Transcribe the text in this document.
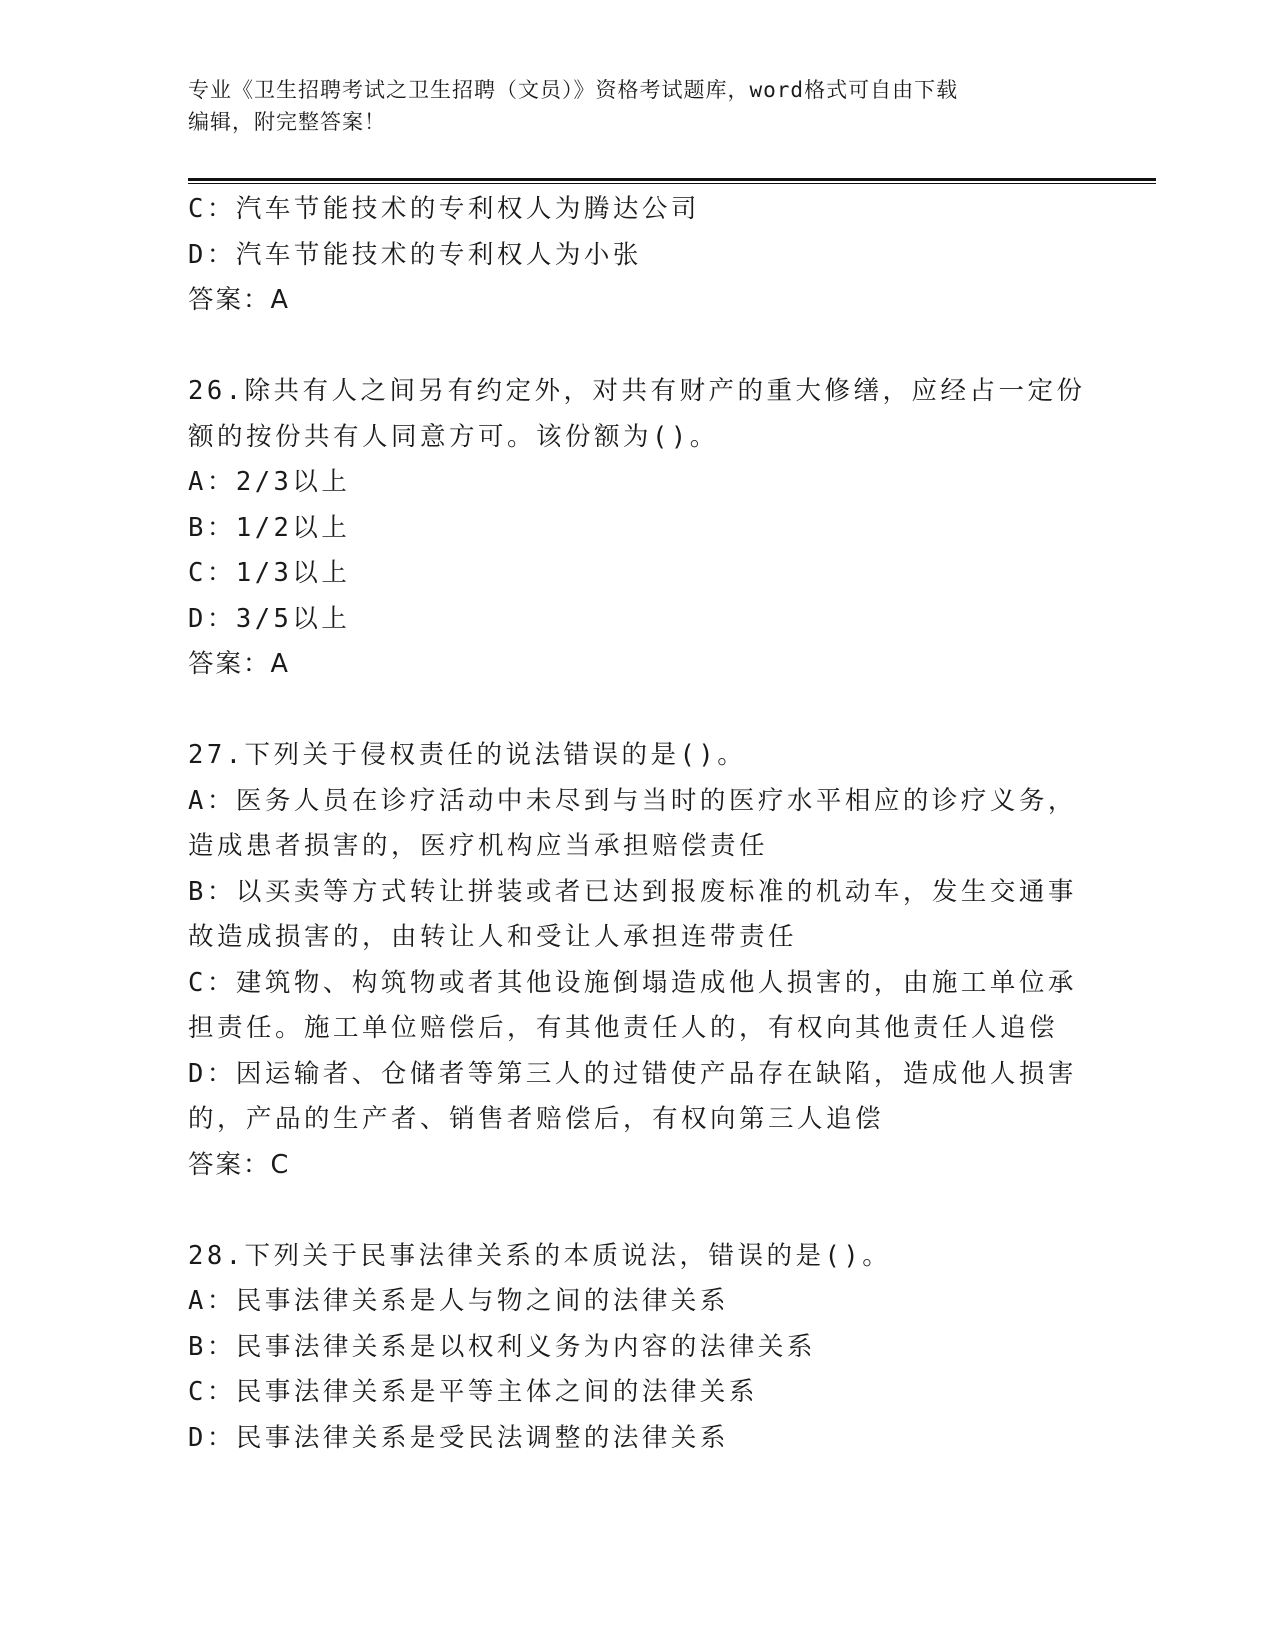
专业《卫生招聘考试之卫生招聘（文员）》资格考试题库，word格式可自由下载
编辑，附完整答案！
C：汽车节能技术的专利权人为腾达公司
D：汽车节能技术的专利权人为小张
答案：A
26.除共有人之间另有约定外，对共有财产的重大修缮，应经占一定份
额的按份共有人同意方可。该份额为()。
A：2/3以上
B：1/2以上
C：1/3以上
D：3/5以上
答案：A
27.下列关于侵权责任的说法错误的是()。
A：医务人员在诊疗活动中未尽到与当时的医疗水平相应的诊疗义务，
造成患者损害的，医疗机构应当承担赔偿责任
B：以买卖等方式转让拼装或者已达到报废标准的机动车，发生交通事
故造成损害的，由转让人和受让人承担连带责任
C：建筑物、构筑物或者其他设施倒塌造成他人损害的，由施工单位承
担责任。施工单位赔偿后，有其他责任人的，有权向其他责任人追偿
D：因运输者、仓储者等第三人的过错使产品存在缺陷，造成他人损害
的，产品的生产者、销售者赔偿后，有权向第三人追偿
答案：C
28.下列关于民事法律关系的本质说法，错误的是()。
A：民事法律关系是人与物之间的法律关系
B：民事法律关系是以权利义务为内容的法律关系
C：民事法律关系是平等主体之间的法律关系
D：民事法律关系是受民法调整的法律关系
